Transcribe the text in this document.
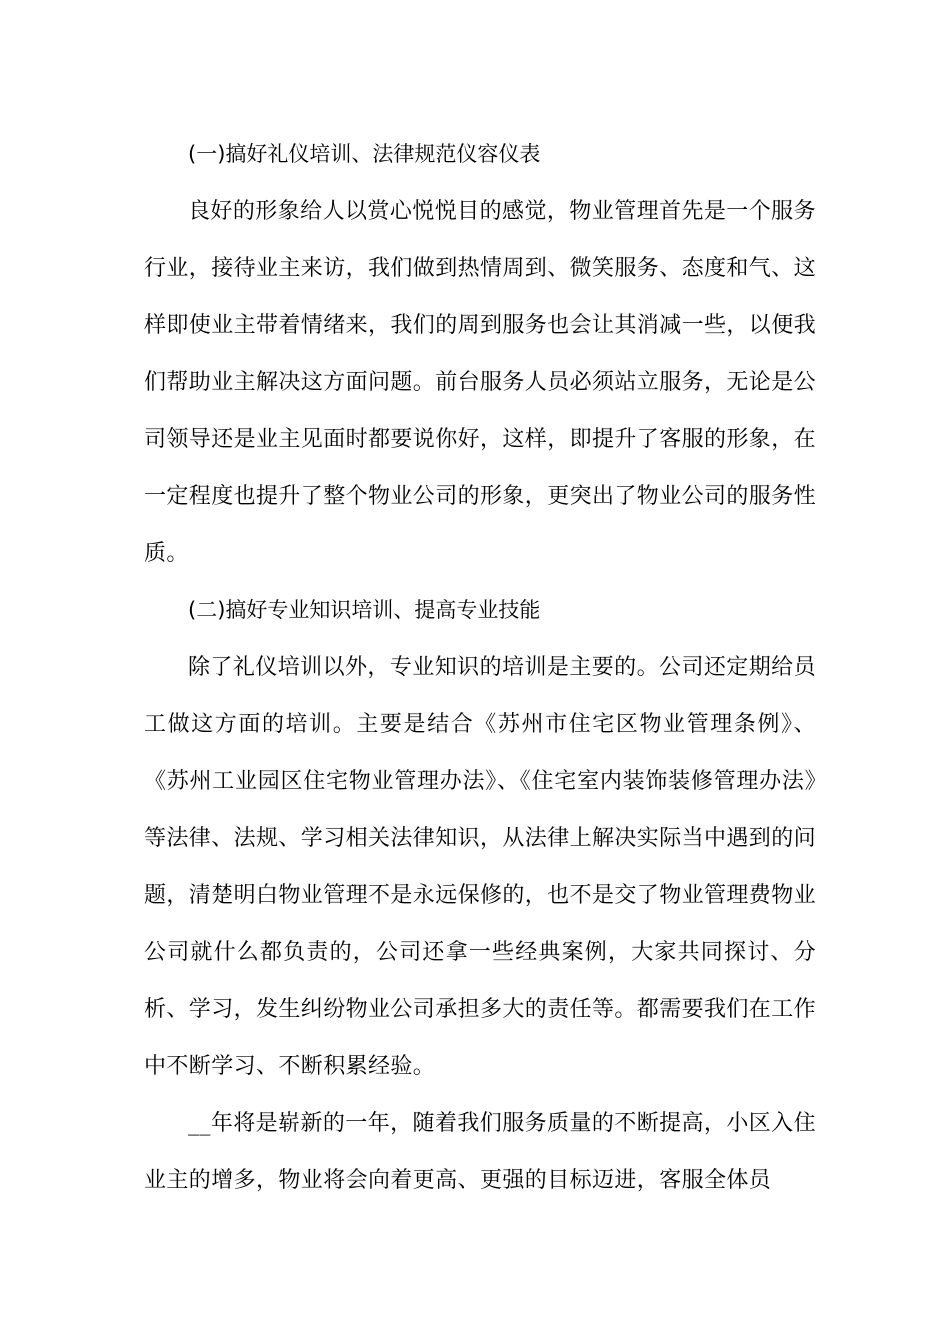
(一)搞好礼仪培训、法律规范仪容仪表

良好的形象给人以赏心悦悦目的感觉，物业管理首先是一个服务行业，接待业主来访，我们做到热情周到、微笑服务、态度和气、这样即使业主带着情绪来，我们的周到服务也会让其消减一些，以便我们帮助业主解决这方面问题。前台服务人员必须站立服务，无论是公司领导还是业主见面时都要说你好，这样，即提升了客服的形象，在一定程度也提升了整个物业公司的形象，更突出了物业公司的服务性质。

(二)搞好专业知识培训、提高专业技能

除了礼仪培训以外，专业知识的培训是主要的。公司还定期给员工做这方面的培训。主要是结合《苏州市住宅区物业管理条例》、《苏州工业园区住宅物业管理办法》、《住宅室内装饰装修管理办法》等法律、法规、学习相关法律知识，从法律上解决实际当中遇到的问题，清楚明白物业管理不是永远保修的，也不是交了物业管理费物业公司就什么都负责的，公司还拿一些经典案例，大家共同探讨、分析、学习，发生纠纷物业公司承担多大的责任等。都需要我们在工作中不断学习、不断积累经验。

__年将是崭新的一年，随着我们服务质量的不断提高，小区入住业主的增多，物业将会向着更高、更强的目标迈进，客服全体员
